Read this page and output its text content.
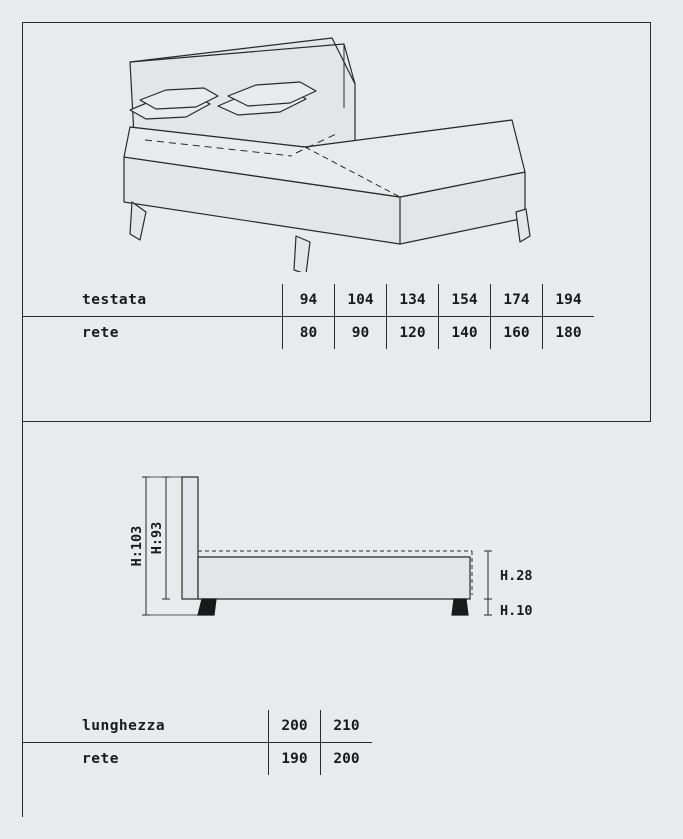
testata	94	104	134	154	174	194
rete	80	90	120	140	160	180
H:103 H:93
H.28
H.10
lunghezza	200	210
rete	190	200
